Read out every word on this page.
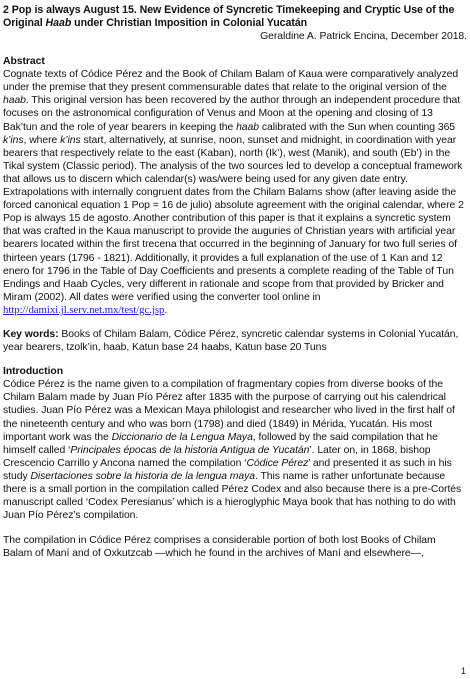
2 Pop is always August 15. New Evidence of Syncretic Timekeeping and Cryptic Use of the Original Haab under Christian Imposition in Colonial Yucatán

Geraldine A. Patrick Encina, December 2018.

Abstract

Cognate texts of Códice Pérez and the Book of Chilam Balam of Kaua were comparatively analyzed under the premise that they present commensurable dates that relate to the original version of the haab. This original version has been recovered by the author through an independent procedure that focuses on the astronomical configuration of Venus and Moon at the opening and closing of 13 Bak’tun and the role of year bearers in keeping the haab calibrated with the Sun when counting 365 k’ins, where k’ins start, alternatively, at sunrise, noon, sunset and midnight, in coordination with year bearers that respectively relate to the east (Kaban), north (Ik’), west (Manik), and south (Eb’) in the Tikal system (Classic period). The analysis of the two sources led to develop a conceptual framework that allows us to discern which calendar(s) was/were being used for any given date entry. Extrapolations with internally congruent dates from the Chilam Balams show (after leaving aside the forced canonical equation 1 Pop = 16 de julio) absolute agreement with the original calendar, where 2 Pop is always 15 de agosto. Another contribution of this paper is that it explains a syncretic system that was crafted in the Kaua manuscript to provide the auguries of Christian years with artificial year bearers located within the first trecena that occurred in the beginning of January for two full series of thirteen years (1796 - 1821). Additionally, it provides a full explanation of the use of 1 Kan and 12 enero for 1796 in the Table of Day Coefficients and presents a complete reading of the Table of Tun Endings and Haab Cycles, very different in rationale and scope from that provided by Bricker and Miram (2002). All dates were verified using the converter tool online in http://damixi.jl.serv.net.mx/test/gc.jsp.

Key words: Books of Chilam Balam, Códice Pérez, syncretic calendar systems in Colonial Yucatán, year bearers, tzolk’in, haab, Katun base 24 haabs, Katun base 20 Tuns

Introduction

Códice Pérez is the name given to a compilation of fragmentary copies from diverse books of the Chilam Balam made by Juan Pío Pérez after 1835 with the purpose of carrying out his calendrical studies. Juan Pío Pérez was a Mexican Maya philologist and researcher who lived in the first half of the nineteenth century and who was born (1798) and died (1849) in Mérida, Yucatán. His most important work was the Diccionario de la Lengua Maya, followed by the said compilation that he himself called ‘Principales épocas de la historia Antigua de Yucatán’. Later on, in 1868, bishop Crescencio Carrillo y Ancona named the compilation ‘Códice Pérez’ and presented it as such in his study Disertaciones sobre la historia de la lengua maya. This name is rather unfortunate because there is a small portion in the compilation called Pérez Codex and also because there is a pre-Cortés manuscript called ‘Codex Peresianus’ which is a hieroglyphic Maya book that has nothing to do with Juan Pío Pérez’s compilation.

The compilation in Códice Pérez comprises a considerable portion of both lost Books of Chilam Balam of Maní and of Oxkutzcab —which he found in the archives of Maní and elsewhere—,

1
